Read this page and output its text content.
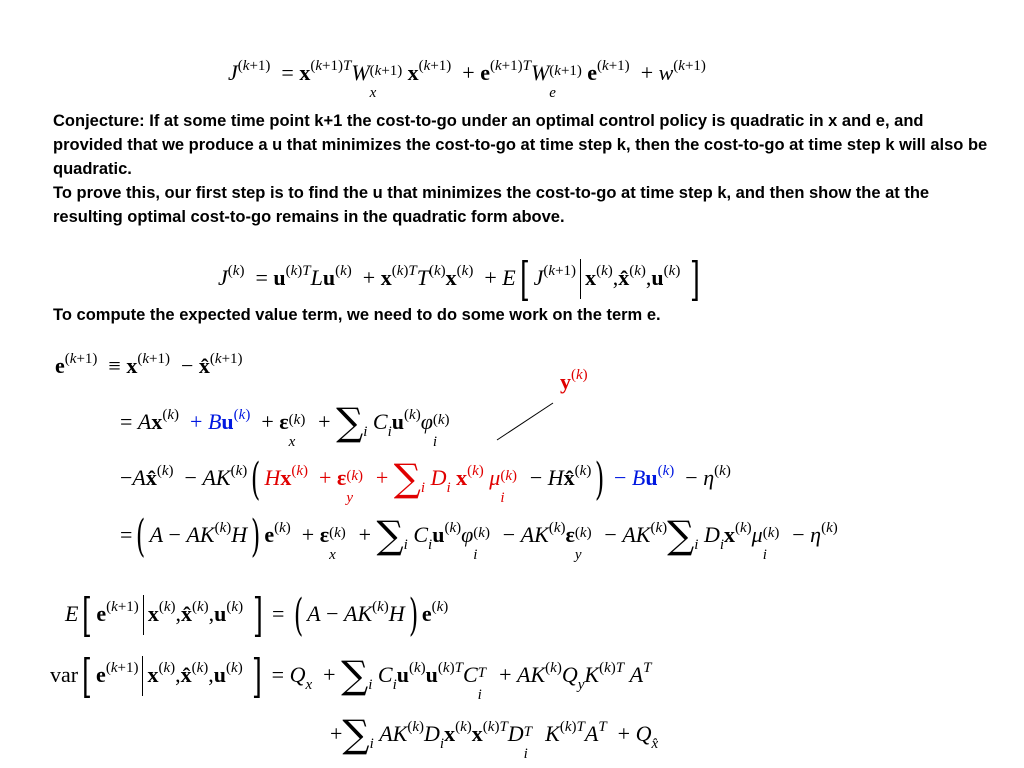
$J^{(k+1)} = x^{(k+1)T}W$ (k+1)
x
$x^{(k+1)} + e^{(k+1)T}W$ (k+1)
e
$e^{(k+1)} + w^{(k+1)}$
Conjecture: If at some time point k+1 the cost-to-go under an optimal control policy is quadratic in x and e, and provided that we produce a u that minimizes the cost-to-go at time step k, then the cost-to-go at time step k will also be quadratic.
To prove this, our first step is to find the u that minimizes the cost-to-go at time step k, and then show the at the resulting optimal cost-to-go remains in the quadratic form above.
$J^{(k)} = u^{(k)T}Lu^{(k)} + x^{(k)T}T^{(k)}x^{(k)} + E$[ $J^{(k+1)}$ $x^{(k)},x̂^{(k)},u^{(k)}$ ]
To compute the expected value term, we need to do some work on the term e.
$e^{(k+1)} \equiv x^{(k+1)}$  − x̂$^{(k+1)}$
$y^{(k)}$
= $Ax^{(k)} + Bu^{(k)} + \varepsilon$ (k)
x
+ $\sum_i$ $C_iu^{(k)}\varphi$ (k)
i
−Ax̂$^{(k)}$  − $AK^{(k)}$( Hx$^{(k)}$  + ε (k)
y
+ $\sum_i$ $D_i$ $x^{(k)}$ μ (k)
i
− Hx̂$^{(k)}$) − $Bu^{(k)} - \eta^{(k)}$
=( $A - AK^{(k)}H$) $e^{(k)} + \varepsilon$ (k)
x
+ $\sum_i$ $C_iu^{(k)}\varphi$ (k)
i
− $AK^{(k)}\varepsilon$ (k)
y
− $AK^{(k)}\sum_i$ $D_ix^{(k)}\mu$ (k)
i
− $\eta^{(k)}$
E[ $e^{(k+1)}$ $x^{(k)},x̂^{(k)},u^{(k)}$ ] = ( $A - AK^{(k)}H$) $e^{(k)}$
var[ $e^{(k+1)}$ $x^{(k)},x̂^{(k)},u^{(k)}$ ] = $Q_x + \sum_i$ $C_iu^{(k)}u^{(k)T}C$ T
i
+ $AK^{(k)}Q_yK^{(k)T}$ $A^T$
$+\sum_i$ $AK^{(k)}D_ix^{(k)}x^{(k)T}D$ T
i
$K^{(k)T}A^T + Q_{x̂}$
